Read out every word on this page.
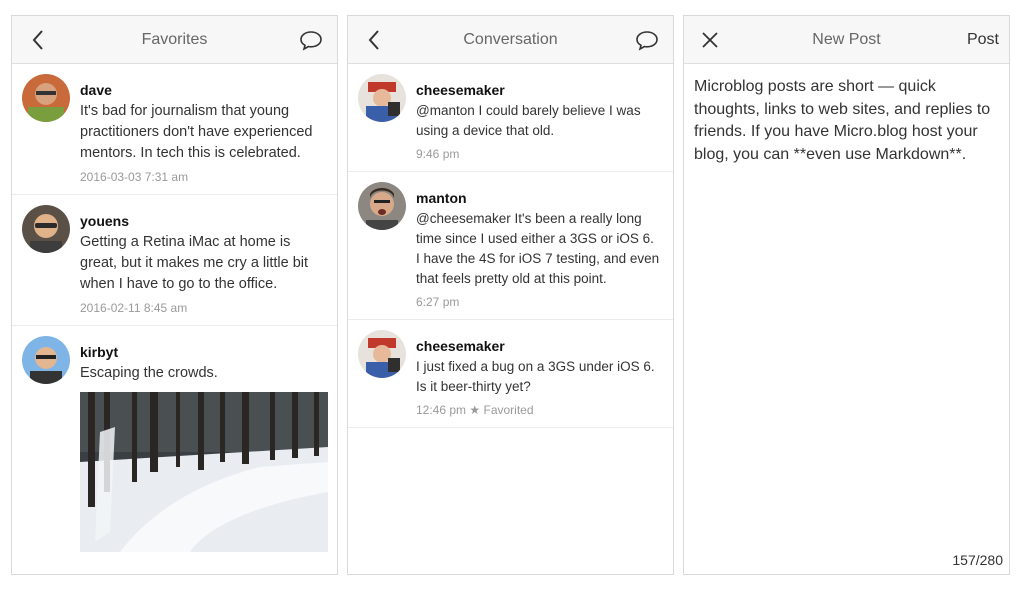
Favorites
dave
It's bad for journalism that young practitioners don't have experienced mentors. In tech this is celebrated.
2016-03-03 7:31 am
youens
Getting a Retina iMac at home is great, but it makes me cry a little bit when I have to go to the office.
2016-02-11 8:45 am
kirbyt
Escaping the crowds.
Conversation
cheesemaker
@manton I could barely believe I was using a device that old.
9:46 pm
manton
@cheesemaker It's been a really long time since I used either a 3GS or iOS 6. I have the 4S for iOS 7 testing, and even that feels pretty old at this point.
6:27 pm
cheesemaker
I just fixed a bug on a 3GS under iOS 6. Is it beer-thirty yet?
12:46 pm ★ Favorited
New Post	Post
Microblog posts are short — quick thoughts, links to web sites, and replies to friends. If you have Micro.blog host your blog, you can **even use Markdown**.
157/280
